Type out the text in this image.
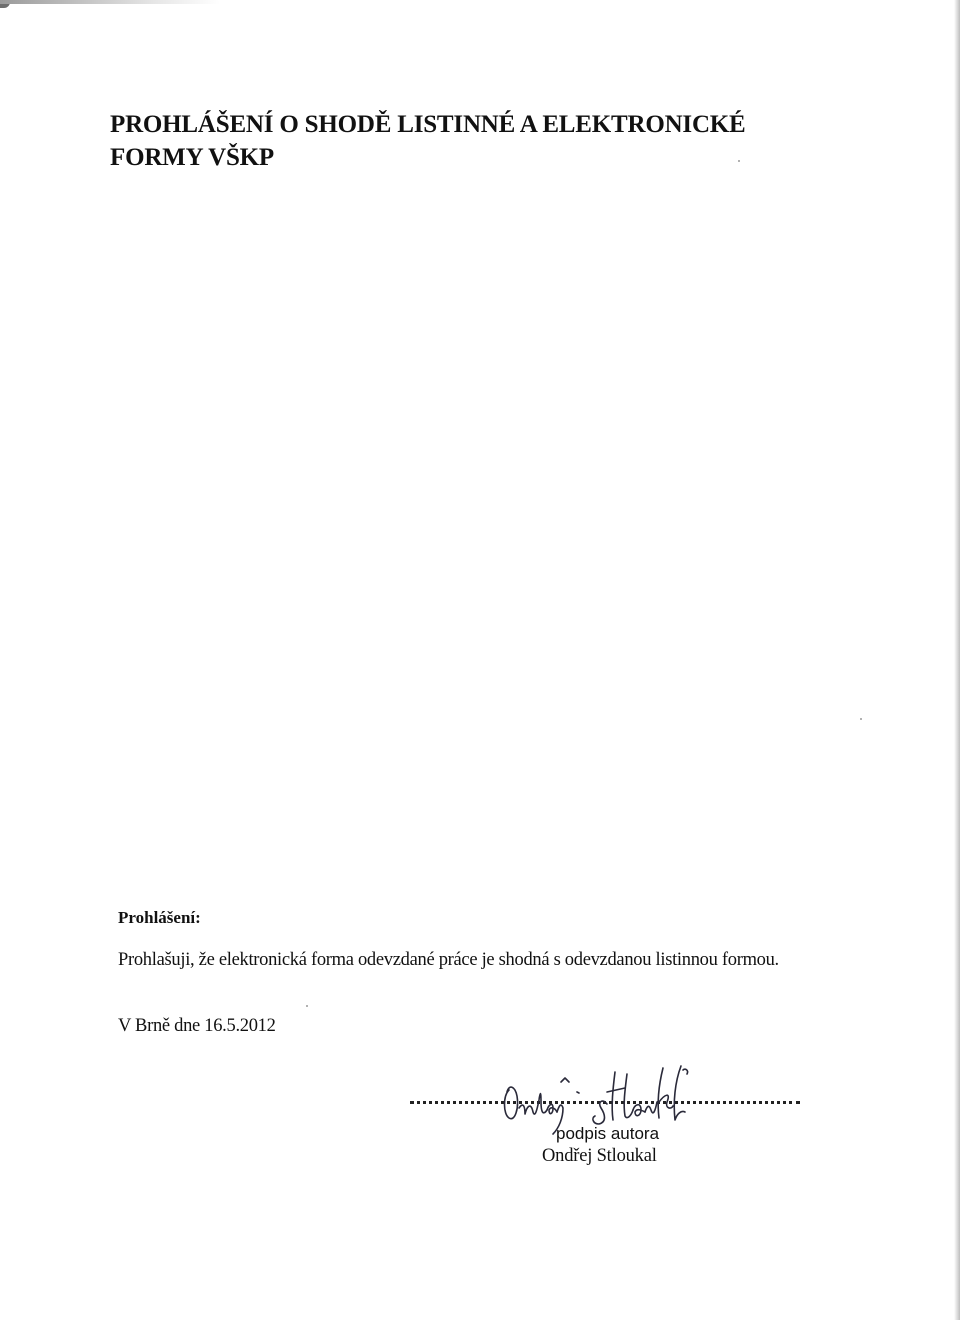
PROHLÁŠENÍ O SHODĚ LISTINNÉ A ELEKTRONICKÉ
FORMY VŠKP

Prohlášení:

Prohlašuji, že elektronická forma odevzdané práce je shodná s odevzdanou listinnou formou.

V Brně dne 16.5.2012

podpis autora

Ondřej Stloukal
